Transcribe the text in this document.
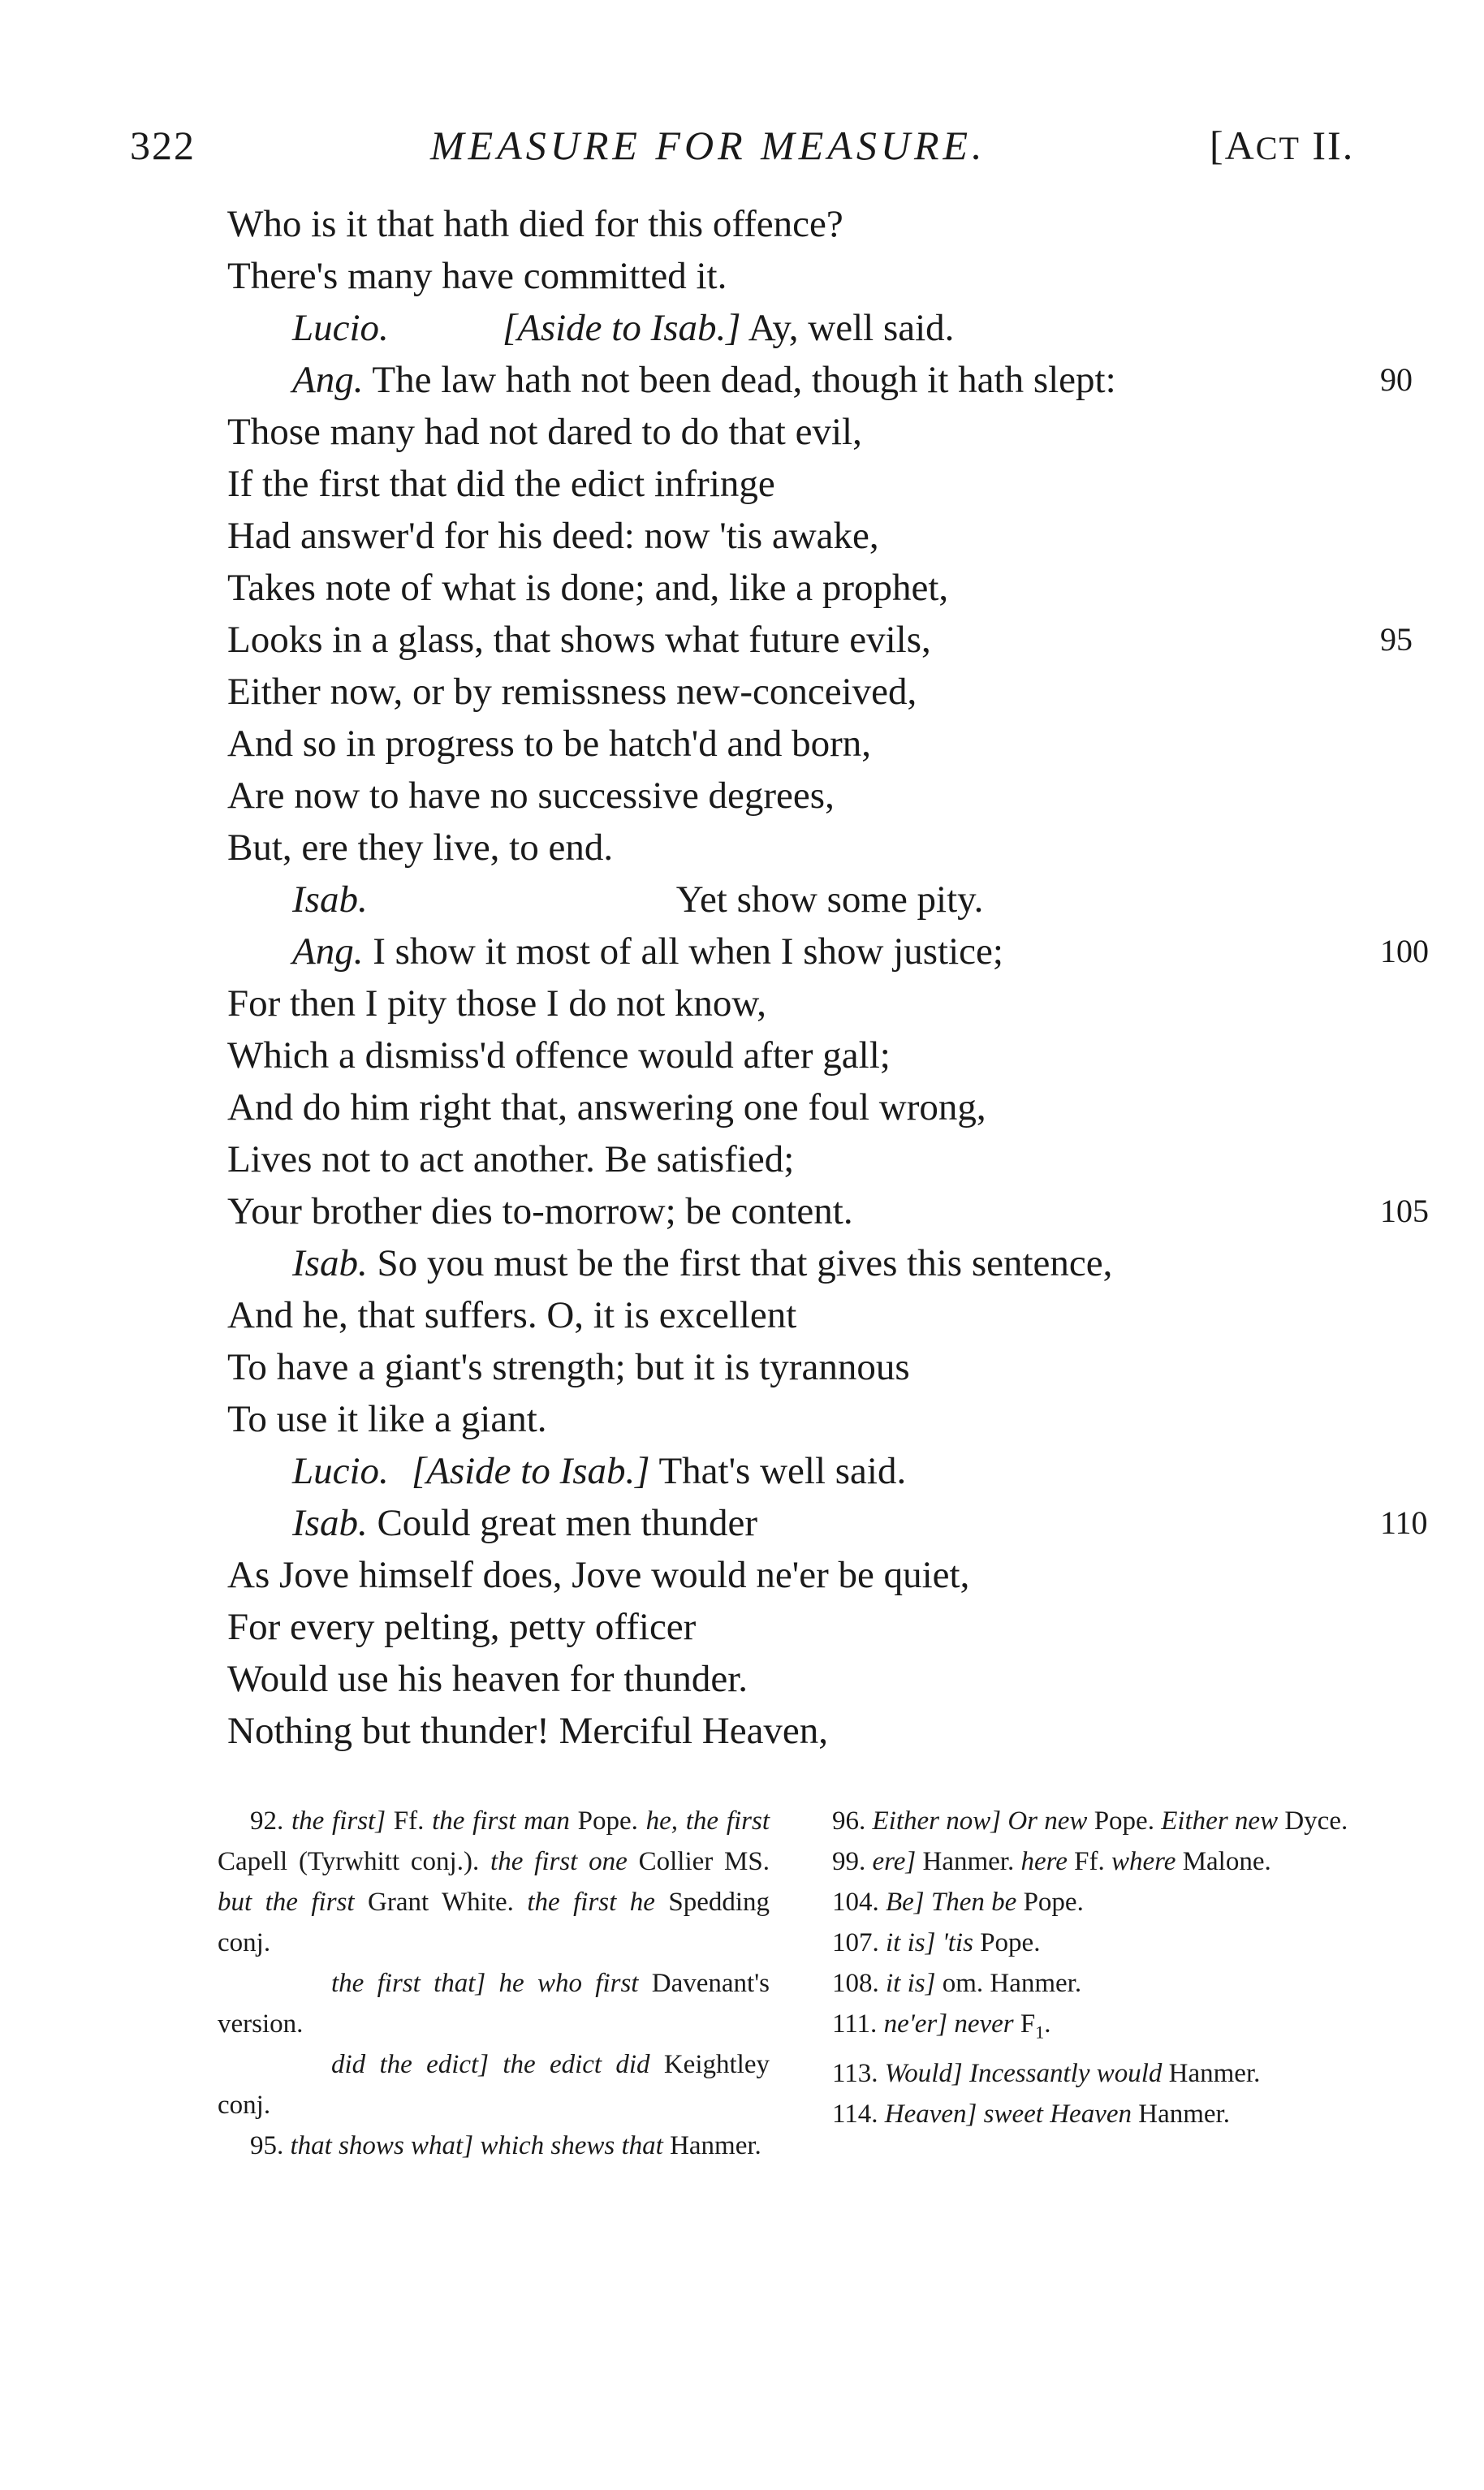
322	MEASURE FOR MEASURE.	[ACT II.
Who is it that hath died for this offence?
There's many have committed it.
Lucio.	[Aside to Isab.] Ay, well said.
Ang. The law hath not been dead, though it hath slept:	90
Those many had not dared to do that evil,
If the first that did the edict infringe
Had answer'd for his deed: now 'tis awake,
Takes note of what is done; and, like a prophet,
Looks in a glass, that shows what future evils,	95
Either now, or by remissness new-conceived,
And so in progress to be hatch'd and born,
Are now to have no successive degrees,
But, ere they live, to end.
Isab.	Yet show some pity.
Ang. I show it most of all when I show justice;	100
For then I pity those I do not know,
Which a dismiss'd offence would after gall;
And do him right that, answering one foul wrong,
Lives not to act another. Be satisfied;
Your brother dies to-morrow; be content.	105
Isab. So you must be the first that gives this sentence,
And he, that suffers. O, it is excellent
To have a giant's strength; but it is tyrannous
To use it like a giant.
Lucio. [Aside to Isab.] That's well said.
Isab. Could great men thunder	110
As Jove himself does, Jove would ne'er be quiet,
For every pelting, petty officer
Would use his heaven for thunder.
Nothing but thunder! Merciful Heaven,
92. the first] Ff. the first man Pope. he, the first Capell (Tyrwhitt conj.). the first one Collier MS. but the first Grant White. the first he Spedding conj.
the first that] he who first Davenant's version.
did the edict] the edict did Keightley conj.
95. that shows what] which shews that Hanmer.
96. Either now] Or new Pope. Either new Dyce.
99. ere] Hanmer. here Ff. where Malone.
104. Be] Then be Pope.
107. it is] 'tis Pope.
108. it is] om. Hanmer.
111. ne'er] never $F_1$.
113. Would] Incessantly would Hanmer.
114. Heaven] sweet Heaven Hanmer.
